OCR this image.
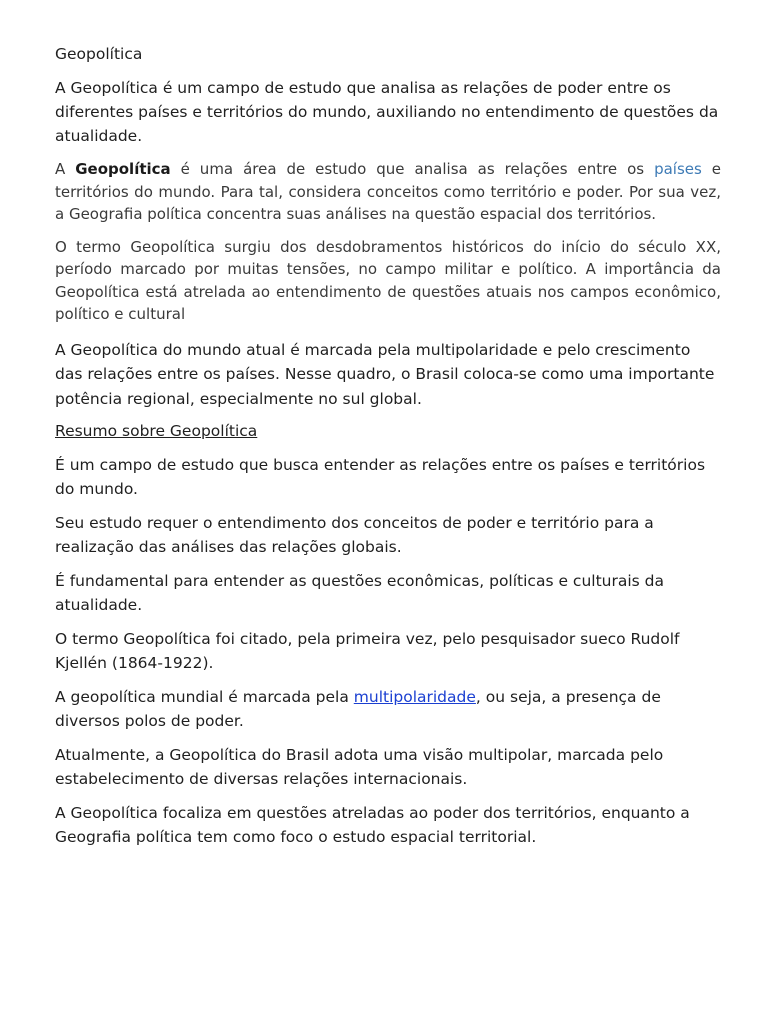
Geopolítica

A Geopolítica é um campo de estudo que analisa as relações de poder entre os diferentes países e territórios do mundo, auxiliando no entendimento de questões da atualidade.

A Geopolítica é uma área de estudo que analisa as relações entre os países e territórios do mundo. Para tal, considera conceitos como território e poder. Por sua vez, a Geografia política concentra suas análises na questão espacial dos territórios.

O termo Geopolítica surgiu dos desdobramentos históricos do início do século XX, período marcado por muitas tensões, no campo militar e político. A importância da Geopolítica está atrelada ao entendimento de questões atuais nos campos econômico, político e cultural

A Geopolítica do mundo atual é marcada pela multipolaridade e pelo crescimento das relações entre os países. Nesse quadro, o Brasil coloca-se como uma importante potência regional, especialmente no sul global.

Resumo sobre Geopolítica

É um campo de estudo que busca entender as relações entre os países e territórios do mundo.

Seu estudo requer o entendimento dos conceitos de poder e território para a realização das análises das relações globais.

É fundamental para entender as questões econômicas, políticas e culturais da atualidade.

O termo Geopolítica foi citado, pela primeira vez, pelo pesquisador sueco Rudolf Kjellén (1864-1922).

A geopolítica mundial é marcada pela multipolaridade, ou seja, a presença de diversos polos de poder.

Atualmente, a Geopolítica do Brasil adota uma visão multipolar, marcada pelo estabelecimento de diversas relações internacionais.

A Geopolítica focaliza em questões atreladas ao poder dos territórios, enquanto a Geografia política tem como foco o estudo espacial territorial.
